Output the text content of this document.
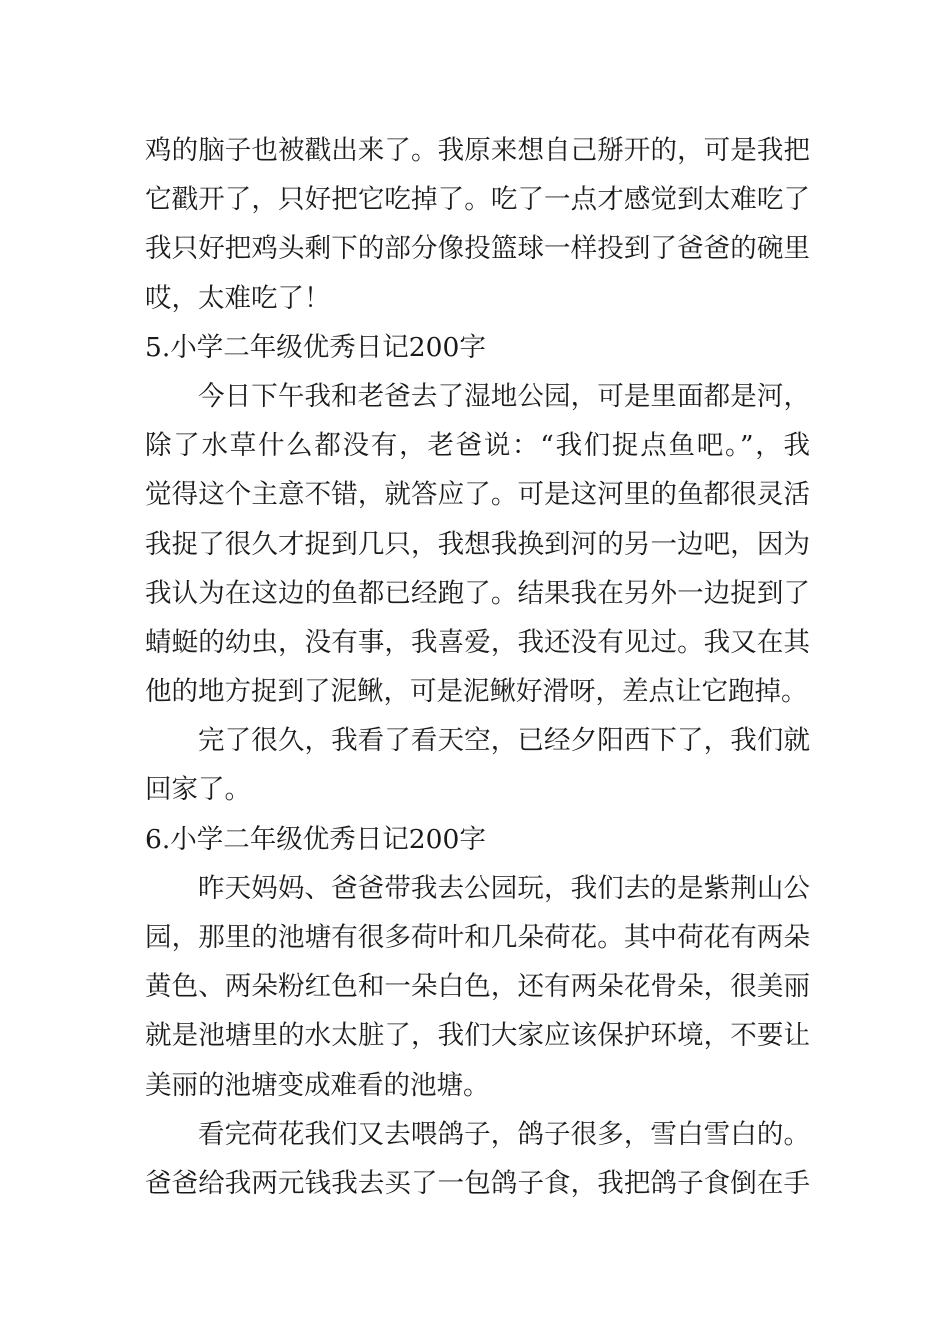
鸡的脑子也被戳出来了。我原来想自己掰开的，可是我把
它戳开了，只好把它吃掉了。吃了一点才感觉到太难吃了
我只好把鸡头剩下的部分像投篮球一样投到了爸爸的碗里
哎，太难吃了！
5.小学二年级优秀日记200字
今日下午我和老爸去了湿地公园，可是里面都是河，
除了水草什么都没有，老爸说：“我们捉点鱼吧。”，我
觉得这个主意不错，就答应了。可是这河里的鱼都很灵活
我捉了很久才捉到几只，我想我换到河的另一边吧，因为
我认为在这边的鱼都已经跑了。结果我在另外一边捉到了
蜻蜓的幼虫，没有事，我喜爱，我还没有见过。我又在其
他的地方捉到了泥鳅，可是泥鳅好滑呀，差点让它跑掉。
完了很久，我看了看天空，已经夕阳西下了，我们就
回家了。
6.小学二年级优秀日记200字
昨天妈妈、爸爸带我去公园玩，我们去的是紫荆山公
园，那里的池塘有很多荷叶和几朵荷花。其中荷花有两朵
黄色、两朵粉红色和一朵白色，还有两朵花骨朵，很美丽
就是池塘里的水太脏了，我们大家应该保护环境，不要让
美丽的池塘变成难看的池塘。
看完荷花我们又去喂鸽子，鸽子很多，雪白雪白的。
爸爸给我两元钱我去买了一包鸽子食，我把鸽子食倒在手
